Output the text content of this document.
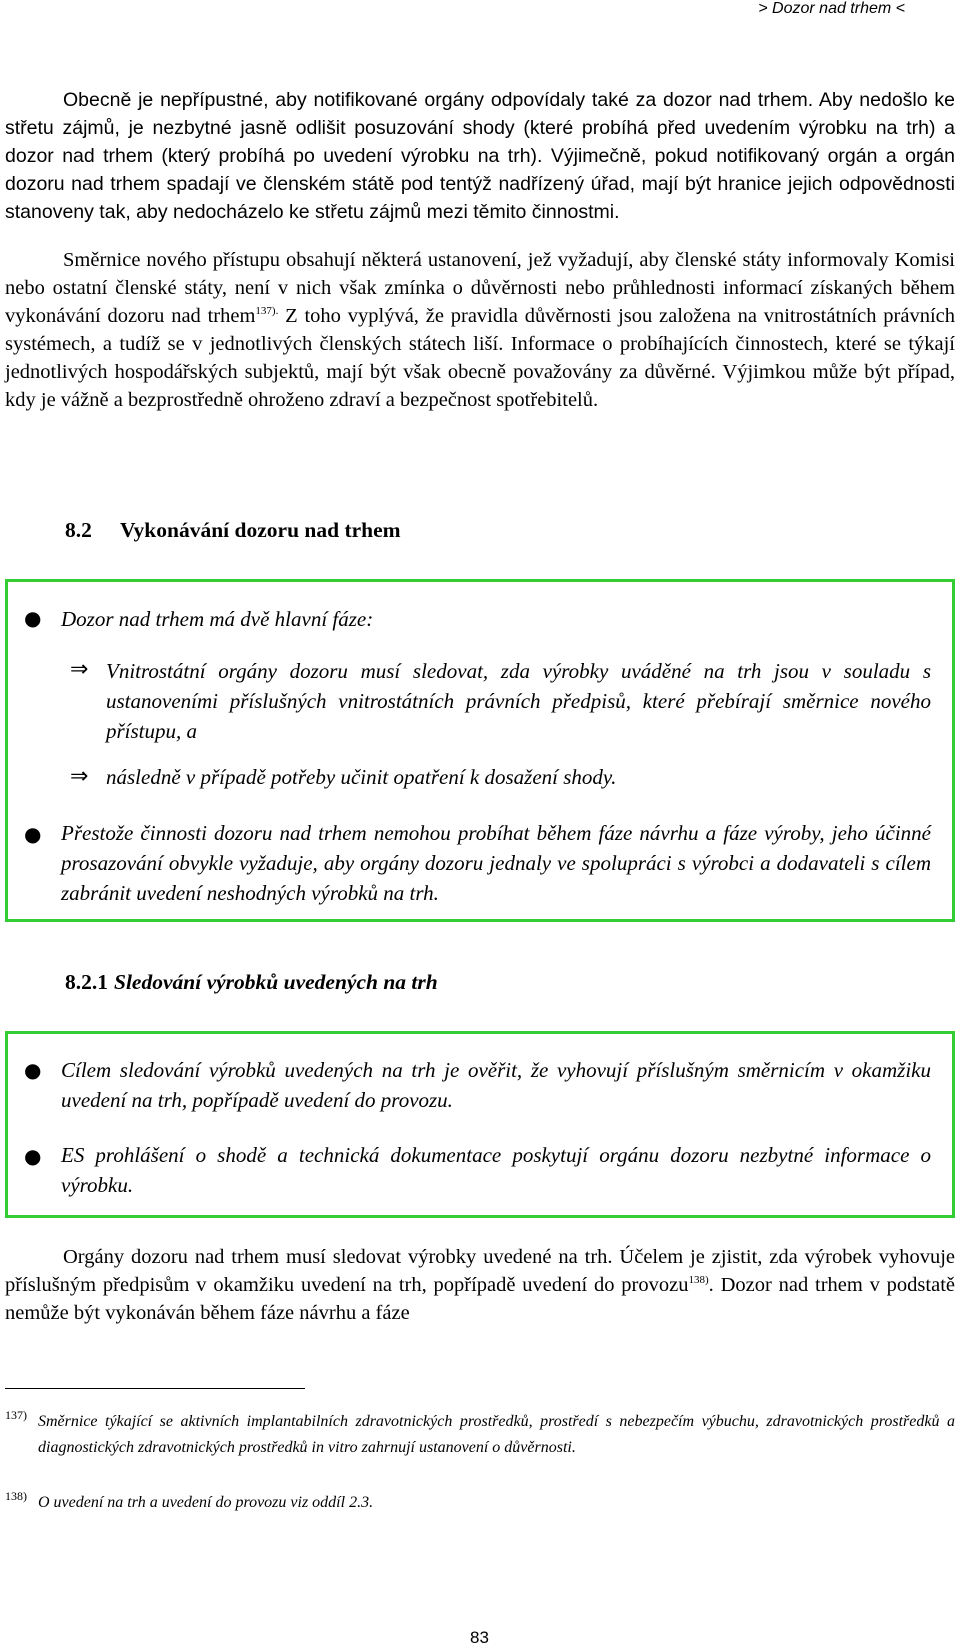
> Dozor nad trhem <

Obecně je nepřípustné, aby notifikované orgány odpovídaly také za dozor nad trhem. Aby nedošlo ke střetu zájmů, je nezbytné jasně odlišit posuzování shody (které probíhá před uvedením výrobku na trh) a dozor nad trhem (který probíhá po uvedení výrobku na trh). Výjimečně, pokud notifikovaný orgán a orgán dozoru nad trhem spadají ve členském státě pod tentýž nadřízený úřad, mají být hranice jejich odpovědnosti stanoveny tak, aby nedocházelo ke střetu zájmů mezi těmito činnostmi.

Směrnice nového přístupu obsahují některá ustanovení, jež vyžadují, aby členské státy informovaly Komisi nebo ostatní členské státy, není v nich však zmínka o důvěrnosti nebo průhlednosti informací získaných během vykonávání dozoru nad trhem$^{137).}$ Z toho vyplývá, že pravidla důvěrnosti jsou založena na vnitrostátních právních systémech, a tudíž se v jednotlivých členských státech liší. Informace o probíhajících činnostech, které se týkají jednotlivých hospodářských subjektů, mají být však obecně považovány za důvěrné. Výjimkou může být případ, kdy je vážně a bezprostředně ohroženo zdraví a bezpečnost spotřebitelů.

8.2 Vykonávání dozoru nad trhem
● Dozor nad trhem má dvě hlavní fáze:

⇒ Vnitrostátní orgány dozoru musí sledovat, zda výrobky uváděné na trh jsou v souladu s ustanoveními příslušných vnitrostátních právních předpisů, které přebírají směrnice nového přístupu, a

⇒ následně v případě potřeby učinit opatření k dosažení shody.

● Přestože činnosti dozoru nad trhem nemohou probíhat během fáze návrhu a fáze výroby, jeho účinné prosazování obvykle vyžaduje, aby orgány dozoru jednaly ve spolupráci s výrobci a dodavateli s cílem zabránit uvedení neshodných výrobků na trh.

8.2.1 Sledování výrobků uvedených na trh
● Cílem sledování výrobků uvedených na trh je ověřit, že vyhovují příslušným směrnicím v okamžiku uvedení na trh, popřípadě uvedení do provozu.

● ES prohlášení o shodě a technická dokumentace poskytují orgánu dozoru nezbytné informace o výrobku.

Orgány dozoru nad trhem musí sledovat výrobky uvedené na trh. Účelem je zjistit, zda výrobek vyhovuje příslušným předpisům v okamžiku uvedení na trh, popřípadě uvedení do provozu$^{138)}$. Dozor nad trhem v podstatě nemůže být vykonáván během fáze návrhu a fáze

137) Směrnice týkající se aktivních implantabilních zdravotnických prostředků, prostředí s nebezpečím výbuchu, zdravotnických prostředků a diagnostických zdravotnických prostředků in vitro zahrnují ustanovení o důvěrnosti.

138) O uvedení na trh a uvedení do provozu viz oddíl 2.3.

83
